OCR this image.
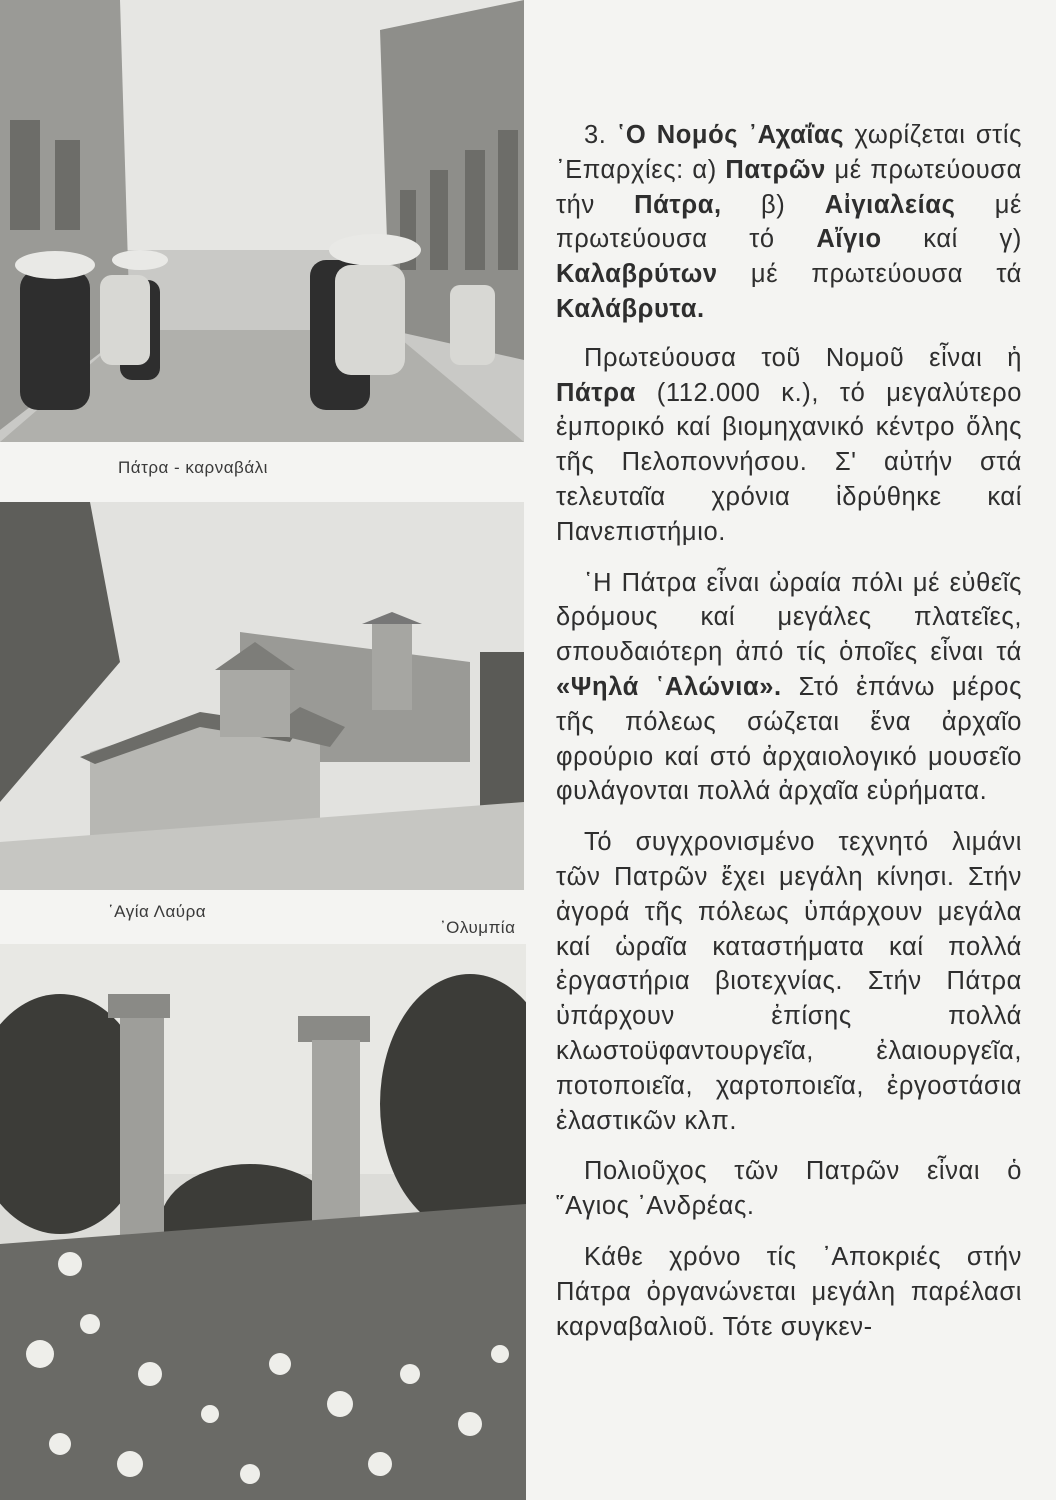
Πάτρα - καρναβάλι
῾Αγία Λαύρα
᾿Ολυμπία

3. ῾Ο Νομός ᾿Αχαΐας χωρίζεται στίς ᾿Επαρχίες: α) Πατρῶν μέ πρωτεύουσα τήν Πάτρα, β) Αἰγιαλείας μέ πρωτεύουσα τό Αἴγιο καί γ) Καλαβρύτων μέ πρωτεύουσα τά Καλάβρυτα.

Πρωτεύουσα τοῦ Νομοῦ εἶναι ἡ Πάτρα (112.000 κ.), τό μεγαλύτερο ἐμπορικό καί βιομηχανικό κέντρο ὅλης τῆς Πελοποννήσου. Σ' αὐτήν στά τελευταῖα χρόνια ἱδρύθηκε καί Πανεπιστήμιο.

῾Η Πάτρα εἶναι ὡραία πόλι μέ εὐθεῖς δρόμους καί μεγάλες πλατεῖες, σπουδαιότερη ἀπό τίς ὁποῖες εἶναι τά «Ψηλά ῾Αλώνια». Στό ἐπάνω μέρος τῆς πόλεως σώζεται ἕνα ἀρχαῖο φρούριο καί στό ἀρχαιολογικό μουσεῖο φυλάγονται πολλά ἀρχαῖα εὑρήματα.

Τό συγχρονισμένο τεχνητό λιμάνι τῶν Πατρῶν ἔχει μεγάλη κίνησι. Στήν ἀγορά τῆς πόλεως ὑπάρχουν μεγάλα καί ὡραῖα καταστήματα καί πολλά ἐργαστήρια βιοτεχνίας. Στήν Πάτρα ὑπάρχουν ἐπίσης πολλά κλωστοϋφαντουργεῖα, ἐλαιουργεῖα, ποτοποιεῖα, χαρτοποιεῖα, ἐργοστάσια ἐλαστικῶν κλπ.

Πολιοῦχος τῶν Πατρῶν εἶναι ὁ ῞Αγιος ᾿Ανδρέας.

Κάθε χρόνο τίς ᾿Αποκριές στήν Πάτρα ὀργανώνεται μεγάλη παρέλασι καρναβαλιοῦ. Τότε συγκεν-
